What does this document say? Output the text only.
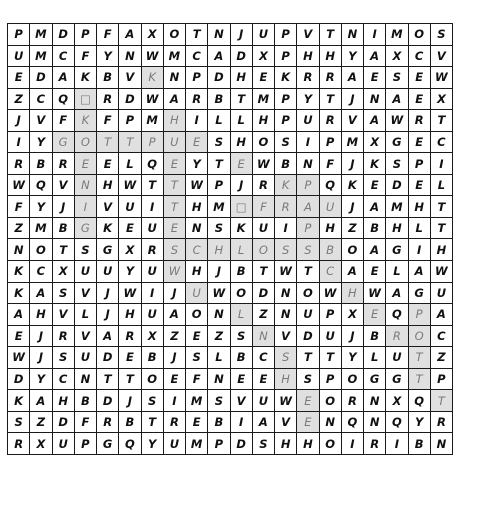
P	M	D	P	F	A	X	O	T	N	J	U	P	V	T	N	I	M	O	S
U	M	C	F	Y	N	W	M	C	A	D	X	P	H	H	Y	A	X	C	V
E	D	A	K	B	V	K	N	P	D	H	E	K	R	R	A	E	S	E	W
Z	C	Q	□	R	D	W	A	R	B	T	M	P	Y	T	J	N	A	E	X
J	V	F	K	F	P	M	H	I	L	L	H	P	U	R	V	A	W	R	T
I	Y	G	O	T	T	P	U	E	S	H	O	S	I	P	M	X	G	E	C
R	B	R	E	E	L	Q	E	Y	T	E	W	B	N	F	J	K	S	P	I
W	Q	V	N	H	W	T	T	W	P	J	R	K	P	Q	K	E	D	E	L
F	Y	J	I	V	U	I	T	H	M	□	F	R	A	U	J	A	M	H	T
Z	M	B	G	K	E	U	E	N	S	K	U	I	P	H	Z	B	H	L	T
N	O	T	S	G	X	R	S	C	H	L	O	S	S	B	O	A	G	I	H
K	C	X	U	U	Y	U	W	H	J	B	T	W	T	C	A	E	L	A	W
K	A	S	V	J	W	I	J	U	W	O	D	N	O	W	H	W	A	G	U
A	H	V	L	J	H	U	A	O	N	L	Z	N	U	P	X	E	Q	P	A
E	J	R	V	A	R	X	Z	E	Z	S	N	V	D	U	J	B	R	O	C
W	J	S	U	D	E	B	J	S	L	B	C	S	T	T	Y	L	U	T	Z
D	Y	C	N	T	T	O	E	F	N	E	E	H	S	P	O	G	G	T	P
K	A	H	B	D	J	S	I	M	S	V	U	W	E	O	R	N	X	Q	T
S	Z	D	F	R	B	T	R	E	B	I	A	V	E	N	Q	N	Q	Y	R
R	X	U	P	G	Q	Y	U	M	P	D	S	H	H	O	I	R	I	B	N
